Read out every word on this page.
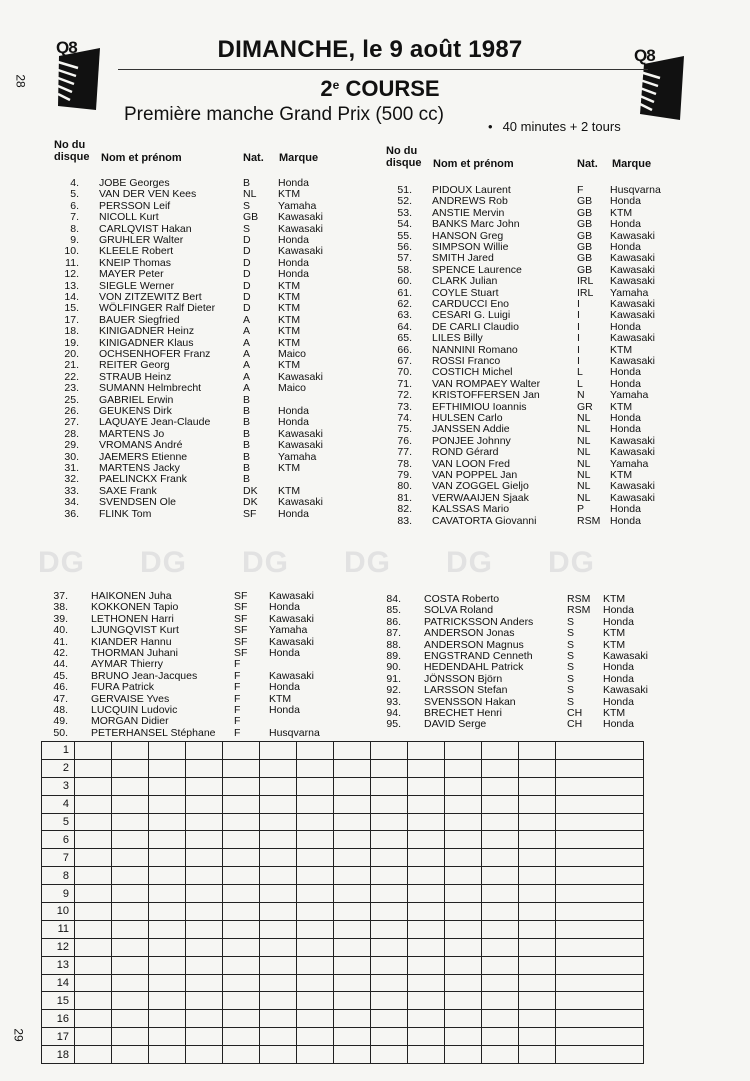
28
29
Q8	Q8
DIMANCHE, le 9 août 1987
2e COURSE
Première manche Grand Prix (500 cc)
• 40 minutes + 2 tours
No du
disque Nom et prénom	Nat. Marque
No du
disque Nom et prénom	Nat. Marque
DG DG DG DG DG DG
4. JOBE Georges	B	Honda
5. VAN DER VEN Kees	NL KTM
6. PERSSON Leif	S	Yamaha
7. NICOLL Kurt	GB Kawasaki
8. CARLQVIST Hakan	S	Kawasaki
9. GRUHLER Walter	D	Honda
10. KLEELE Robert	D	Kawasaki
11. KNEIP Thomas	D	Honda
12. MAYER Peter	D	Honda
13. SIEGLE Werner	D	KTM
14. VON ZITZEWITZ Bert	D	KTM
15. WÖLFINGER Ralf Dieter	D	KTM
17. BAUER Siegfried	A	KTM
18. KINIGADNER Heinz	A	KTM
19. KINIGADNER Klaus	A	KTM
20. OCHSENHOFER Franz	A	Maico
21. REITER Georg	A	KTM
22. STRAUB Heinz	A	Kawasaki
23. SUMANN Helmbrecht	A	Maico
25. GABRIEL Erwin	B
26. GEUKENS Dirk	B	Honda
27. LAQUAYE Jean-Claude	B	Honda
28. MARTENS Jo	B	Kawasaki
29. VROMANS André	B	Kawasaki
30. JAEMERS Etienne	B	Yamaha
31. MARTENS Jacky	B	KTM
32. PAELINCKX Frank	B
33. SAXE Frank	DK KTM
34. SVENDSEN Ole	DK Kawasaki
36. FLINK Tom	SF Honda
51. PIDOUX Laurent	F	Husqvarna
52. ANDREWS Rob	GB Honda
53. ANSTIE Mervin	GB KTM
54. BANKS Marc John	GB Honda
55. HANSON Greg	GB Kawasaki
56. SIMPSON Willie	GB Honda
57. SMITH Jared	GB Kawasaki
58. SPENCE Laurence	GB Kawasaki
60. CLARK Julian	IRL Kawasaki
61. COYLE Stuart	IRL Yamaha
62. CARDUCCI Eno	I	Kawasaki
63. CESARI G. Luigi	I	Kawasaki
64. DE CARLI Claudio	I	Honda
65. LILES Billy	I	Kawasaki
66. NANNINI Romano	I	KTM
67. ROSSI Franco	I	Kawasaki
70. COSTICH Michel	L	Honda
71. VAN ROMPAEY Walter	L	Honda
72. KRISTOFFERSEN Jan	N Yamaha
73. EFTHIMIOU Ioannis	GR KTM
74. HULSEN Carlo	NL Honda
75. JANSSEN Addie	NL Honda
76. PONJEE Johnny	NL Kawasaki
77. ROND Gérard	NL Kawasaki
78. VAN LOON Fred	NL Yamaha
79. VAN POPPEL Jan	NL KTM
80. VAN ZOGGEL Gieljo	NL Kawasaki
81. VERWAAIJEN Sjaak	NL Kawasaki
82. KALSSAS Mario	P Honda
83. CAVATORTA Giovanni	RSM Honda
37. HAIKONEN Juha	SF Kawasaki
38. KOKKONEN Tapio	SF Honda
39. LETHONEN Harri	SF Kawasaki
40. LJUNGQVIST Kurt	SF Yamaha
41. KIANDER Hannu	SF Kawasaki
42. THORMAN Juhani	SF Honda
44. AYMAR Thierry	F
45. BRUNO Jean-Jacques	F	Kawasaki
46. FURA Patrick	F	Honda
47. GERVAISE Yves	F	KTM
48. LUCQUIN Ludovic	F	Honda
49. MORGAN Didier	F
50. PETERHANSEL Stéphane F	Husqvarna
84. COSTA Roberto	RSM KTM
85. SOLVA Roland	RSM Honda
86. PATRICKSSON Anders	S	Honda
87. ANDERSON Jonas	S	KTM
88. ANDERSON Magnus	S	KTM
89. ENGSTRAND Cenneth	S	Kawasaki
90. HEDENDAHL Patrick	S	Honda
91. JÖNSSON Björn	S	Honda
92. LARSSON Stefan	S	Kawasaki
93. SVENSSON Hakan	S	Honda
94. BRECHET Henri	CH KTM
95. DAVID Serge	CH Honda
1														
2														
3														
4														
5														
6														
7														
8														
9														
10														
11														
12														
13														
14														
15														
16														
17														
18														
